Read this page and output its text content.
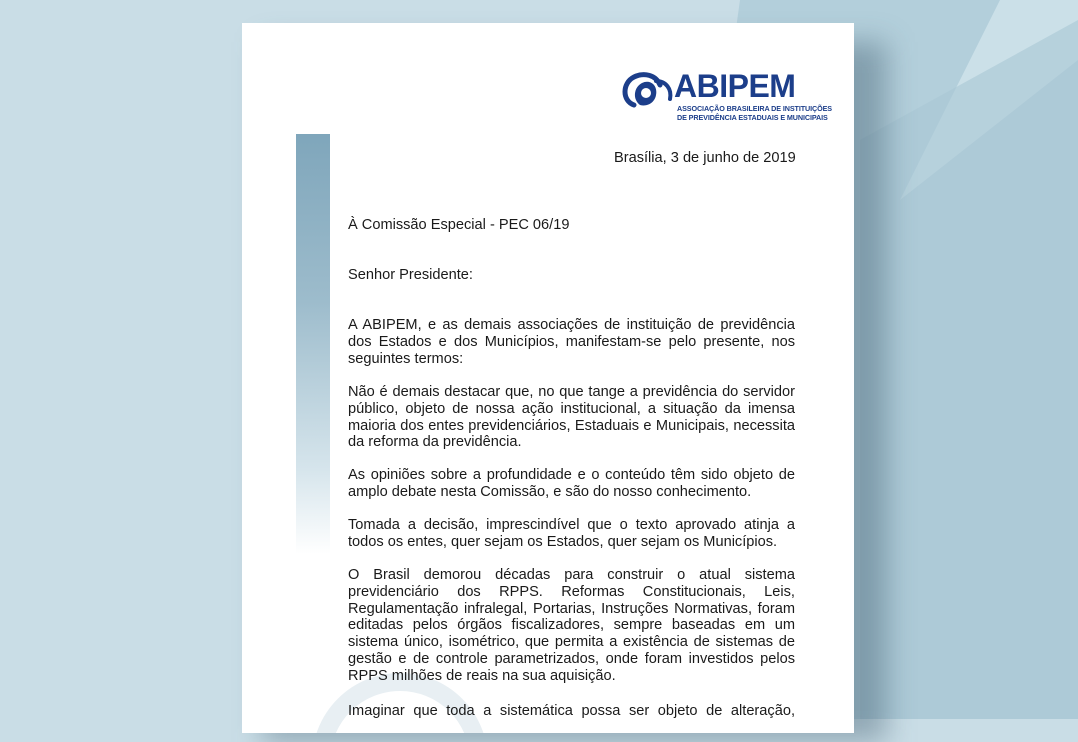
ABIPEM
ASSOCIAÇÃO BRASILEIRA DE INSTITUIÇÕES
DE PREVIDÊNCIA ESTADUAIS E MUNICIPAIS
Brasília, 3 de junho de 2019
À Comissão Especial - PEC 06/19
Senhor Presidente:
A ABIPEM, e as demais associações de instituição de previdência dos Estados e dos Municípios, manifestam-se pelo presente, nos seguintes termos:
Não é demais destacar que, no que tange a previdência do servidor público, objeto de nossa ação institucional, a situação da imensa maioria dos entes previdenciários, Estaduais e Municipais, necessita da reforma da previdência.
As opiniões sobre a profundidade e o conteúdo têm sido objeto de amplo debate nesta Comissão, e são do nosso conhecimento.
Tomada a decisão, imprescindível que o texto aprovado atinja a todos os entes, quer sejam os Estados, quer sejam os Municípios.
O Brasil demorou décadas para construir o atual sistema previdenciário dos RPPS. Reformas Constitucionais, Leis, Regulamentação infralegal, Portarias, Instruções Normativas, foram editadas pelos órgãos fiscalizadores, sempre baseadas em um sistema único, isométrico, que permita a existência de sistemas de gestão e de controle parametrizados, onde foram investidos pelos RPPS milhões de reais na sua aquisição.
Imaginar que toda a sistemática possa ser objeto de alteração,
